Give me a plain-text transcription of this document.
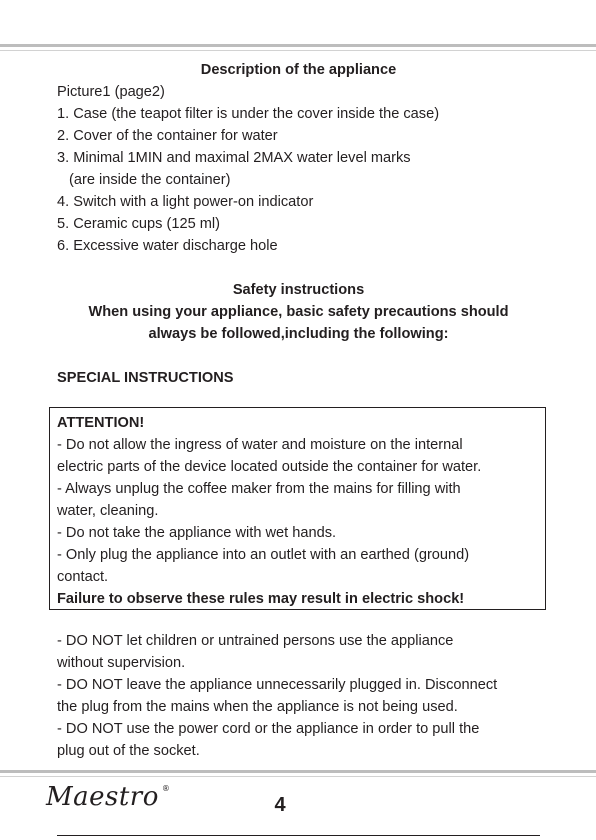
Description of the appliance
Picture1 (page2)
1. Case (the teapot filter is under the cover inside the case)
2. Cover of the container for water
3. Minimal 1MIN and maximal 2MAX water level marks
(are inside the container)
4. Switch with a light power-on indicator
5. Ceramic cups (125 ml)
6. Excessive water discharge hole
Safety instructions
When using your appliance, basic safety precautions should
always be followed,including the following:
SPECIAL INSTRUCTIONS
ATTENTION!
- Do not allow the ingress of water and moisture on the internal
electric parts of the device located outside the container for water.
- Always unplug the coffee maker from the mains for filling with
water, cleaning.
- Do not take the appliance with wet hands.
- Only plug the appliance into an outlet with an earthed (ground)
contact.
Failure to observe these rules may result in electric shock!
- DO NOT let children or untrained persons use the appliance
without supervision.
- DO NOT leave the appliance unnecessarily plugged in. Disconnect
the plug from the mains when the appliance is not being used.
- DO NOT use the power cord or the appliance in order to pull the
plug out of the socket.
Maestro ®
4
